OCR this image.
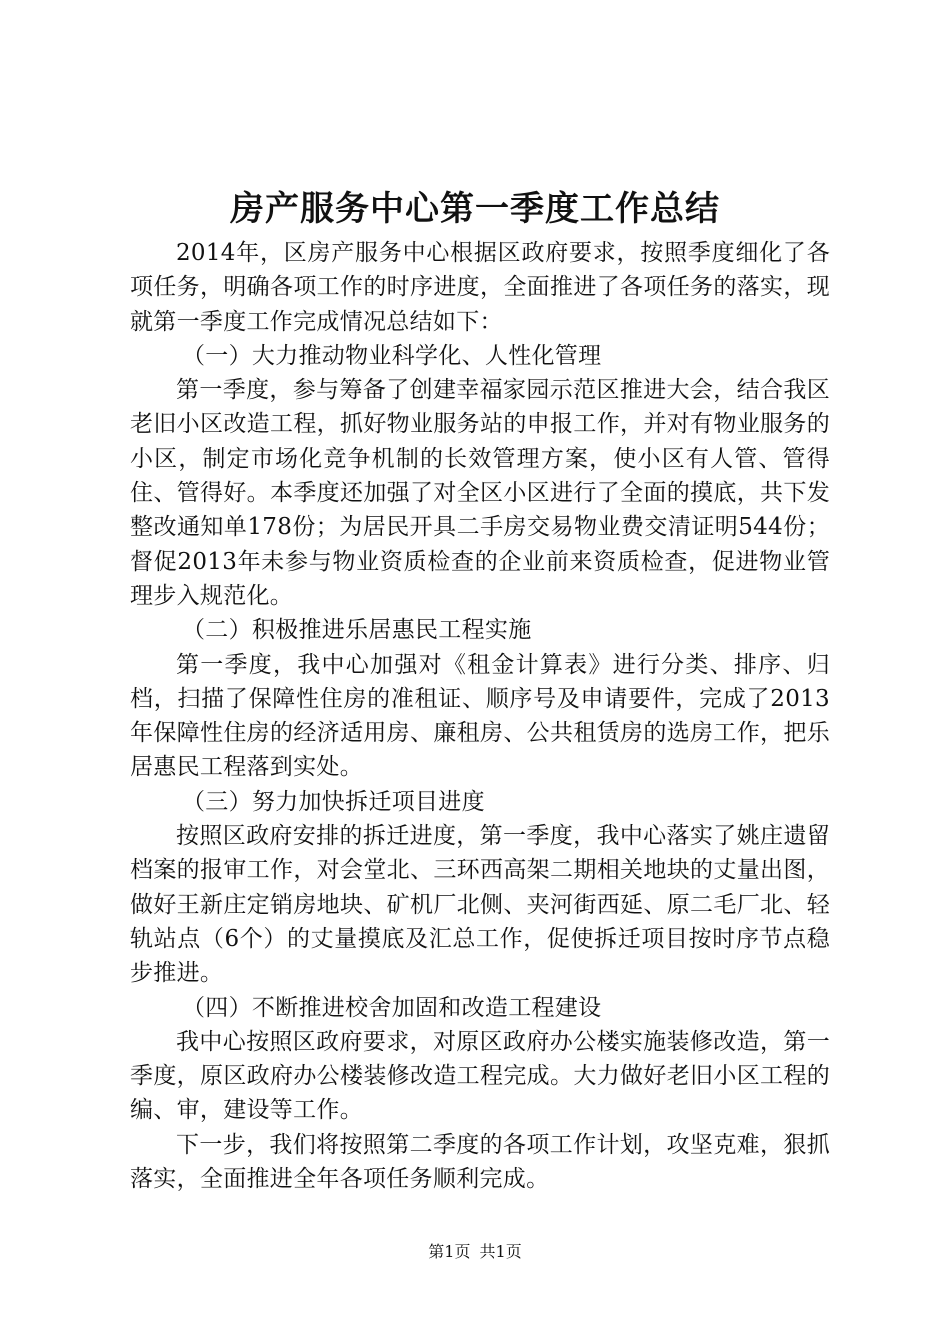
房产服务中心第一季度工作总结

2014年，区房产服务中心根据区政府要求，按照季度细化了各项任务，明确各项工作的时序进度，全面推进了各项任务的落实，现就第一季度工作完成情况总结如下：

（一）大力推动物业科学化、人性化管理

第一季度，参与筹备了创建幸福家园示范区推进大会，结合我区老旧小区改造工程，抓好物业服务站的申报工作，并对有物业服务的小区，制定市场化竞争机制的长效管理方案，使小区有人管、管得住、管得好。本季度还加强了对全区小区进行了全面的摸底，共下发整改通知单178份；为居民开具二手房交易物业费交清证明544份；督促2013年未参与物业资质检查的企业前来资质检查，促进物业管理步入规范化。

（二）积极推进乐居惠民工程实施

第一季度，我中心加强对《租金计算表》进行分类、排序、归档，扫描了保障性住房的准租证、顺序号及申请要件，完成了2013年保障性住房的经济适用房、廉租房、公共租赁房的选房工作，把乐居惠民工程落到实处。

（三）努力加快拆迁项目进度

按照区政府安排的拆迁进度，第一季度，我中心落实了姚庄遗留档案的报审工作，对会堂北、三环西高架二期相关地块的丈量出图，做好王新庄定销房地块、矿机厂北侧、夹河街西延、原二毛厂北、轻轨站点（6个）的丈量摸底及汇总工作，促使拆迁项目按时序节点稳步推进。

（四）不断推进校舍加固和改造工程建设

我中心按照区政府要求，对原区政府办公楼实施装修改造，第一季度，原区政府办公楼装修改造工程完成。大力做好老旧小区工程的编、审，建设等工作。

下一步，我们将按照第二季度的各项工作计划，攻坚克难，狠抓落实，全面推进全年各项任务顺利完成。

第1页 共1页
